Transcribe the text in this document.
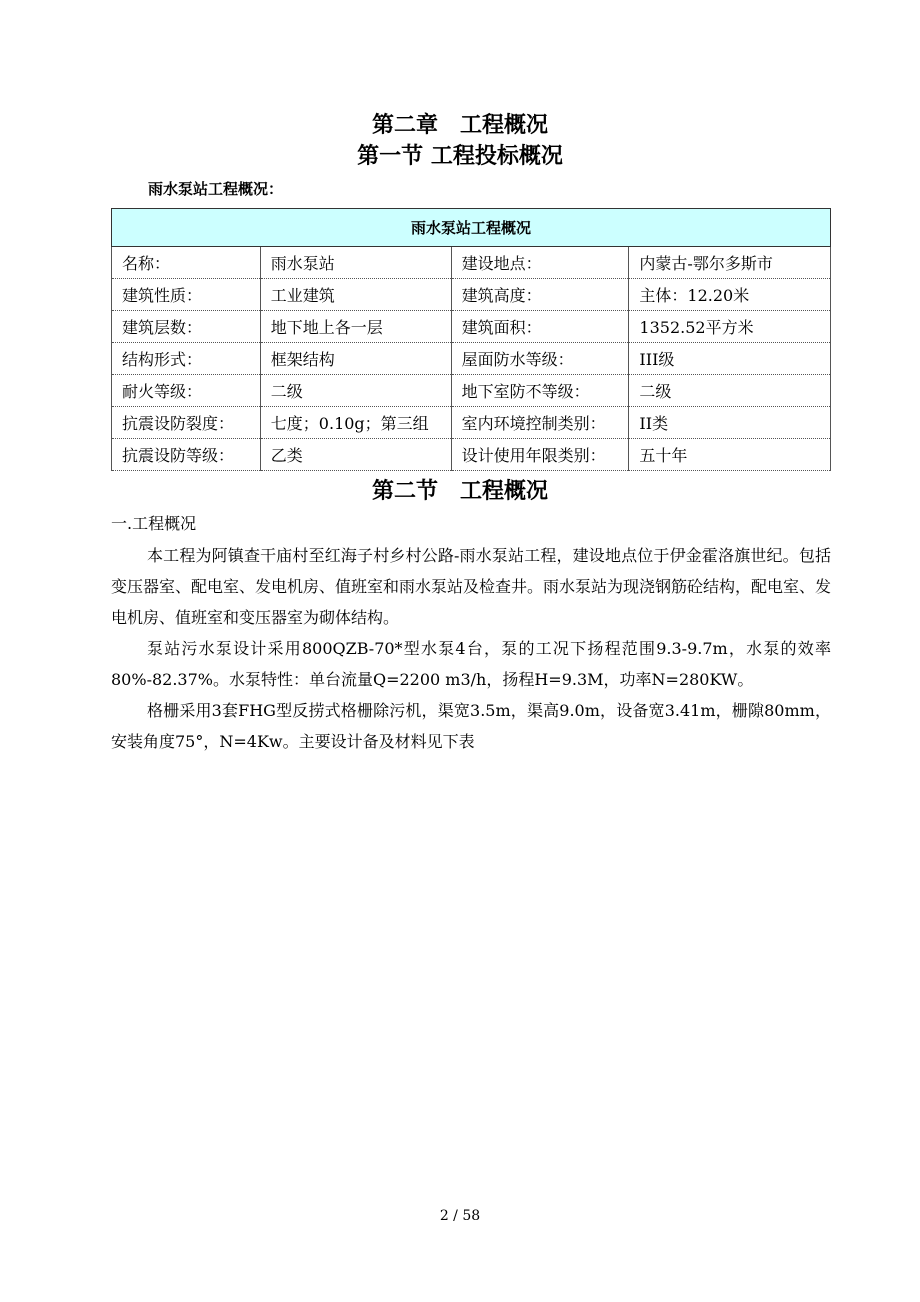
第二章　工程概况
第一节 工程投标概况
雨水泵站工程概况：
雨水泵站工程概况			
名称：	雨水泵站	建设地点：	内蒙古-鄂尔多斯市
建筑性质：	工业建筑	建筑高度：	主体：12.20米
建筑层数：	地下地上各一层	建筑面积：	1352.52平方米
结构形式：	框架结构	屋面防水等级：	III级
耐火等级：	二级	地下室防不等级：	二级
抗震设防裂度：	七度；0.10g；第三组	室内环境控制类别：	II类
抗震设防等级：	乙类	设计使用年限类别：	五十年
第二节　工程概况
一.工程概况

本工程为阿镇查干庙村至红海子村乡村公路-雨水泵站工程，建设地点位于伊金霍洛旗世纪。包括变压器室、配电室、发电机房、值班室和雨水泵站及检查井。雨水泵站为现浇钢筋砼结构，配电室、发电机房、值班室和变压器室为砌体结构。

泵站污水泵设计采用800QZB-70*型水泵4台，泵的工况下扬程范围9.3-9.7m，水泵的效率80%-82.37%。水泵特性：单台流量Q=2200 m3/h，扬程H=9.3M，功率N=280KW。

格栅采用3套FHG型反捞式格栅除污机，渠宽3.5m，渠高9.0m，设备宽3.41m，栅隙80mm，安装角度75°，N=4Kw。主要设计备及材料见下表

2 / 58
